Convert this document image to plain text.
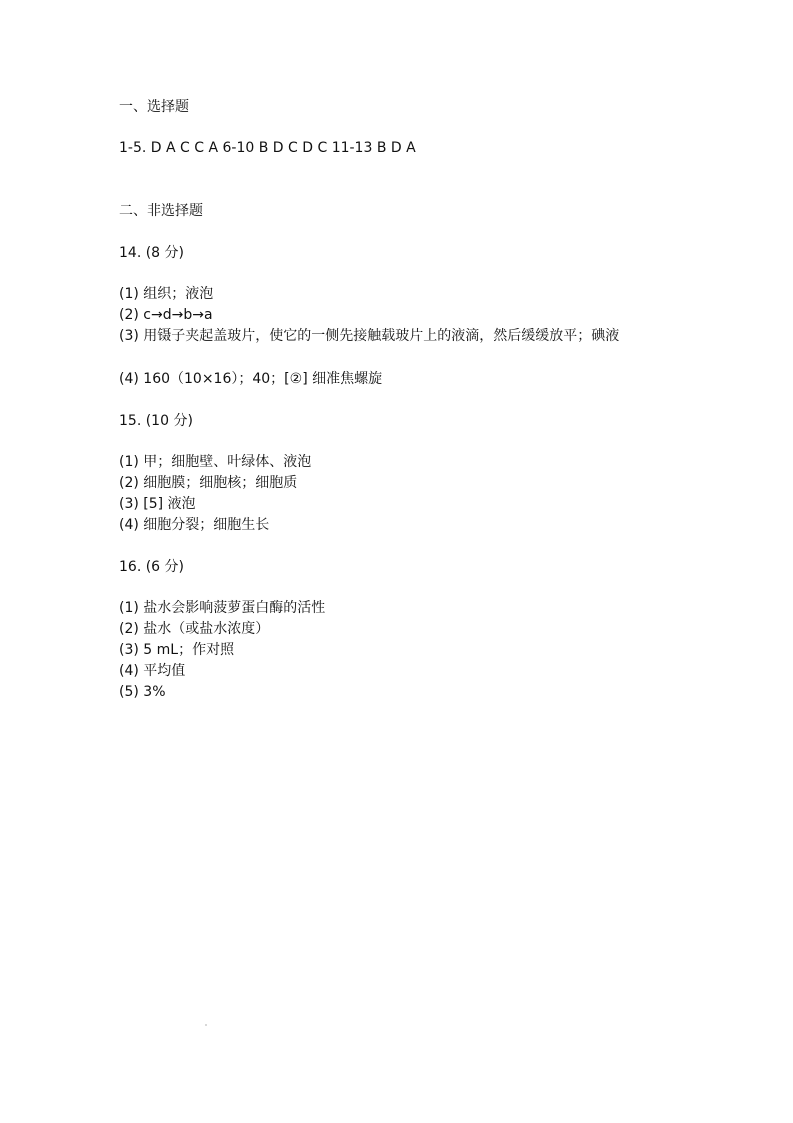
一、选择题
1-5. D A C C A 6-10 B D C D C 11-13 B D A
二、非选择题
14. (8 分)
(1) 组织；液泡
(2) c→d→b→a
(3) 用镊子夹起盖玻片，使它的一侧先接触载玻片上的液滴，然后缓缓放平；碘液
(4) 160（10×16）；40；[②] 细准焦螺旋
15. (10 分)
(1) 甲；细胞壁、叶绿体、液泡
(2) 细胞膜；细胞核；细胞质
(3) [5] 液泡
(4) 细胞分裂；细胞生长
16. (6 分)
(1) 盐水会影响菠萝蛋白酶的活性
(2) 盐水（或盐水浓度）
(3) 5 mL；作对照
(4) 平均值
(5) 3%
